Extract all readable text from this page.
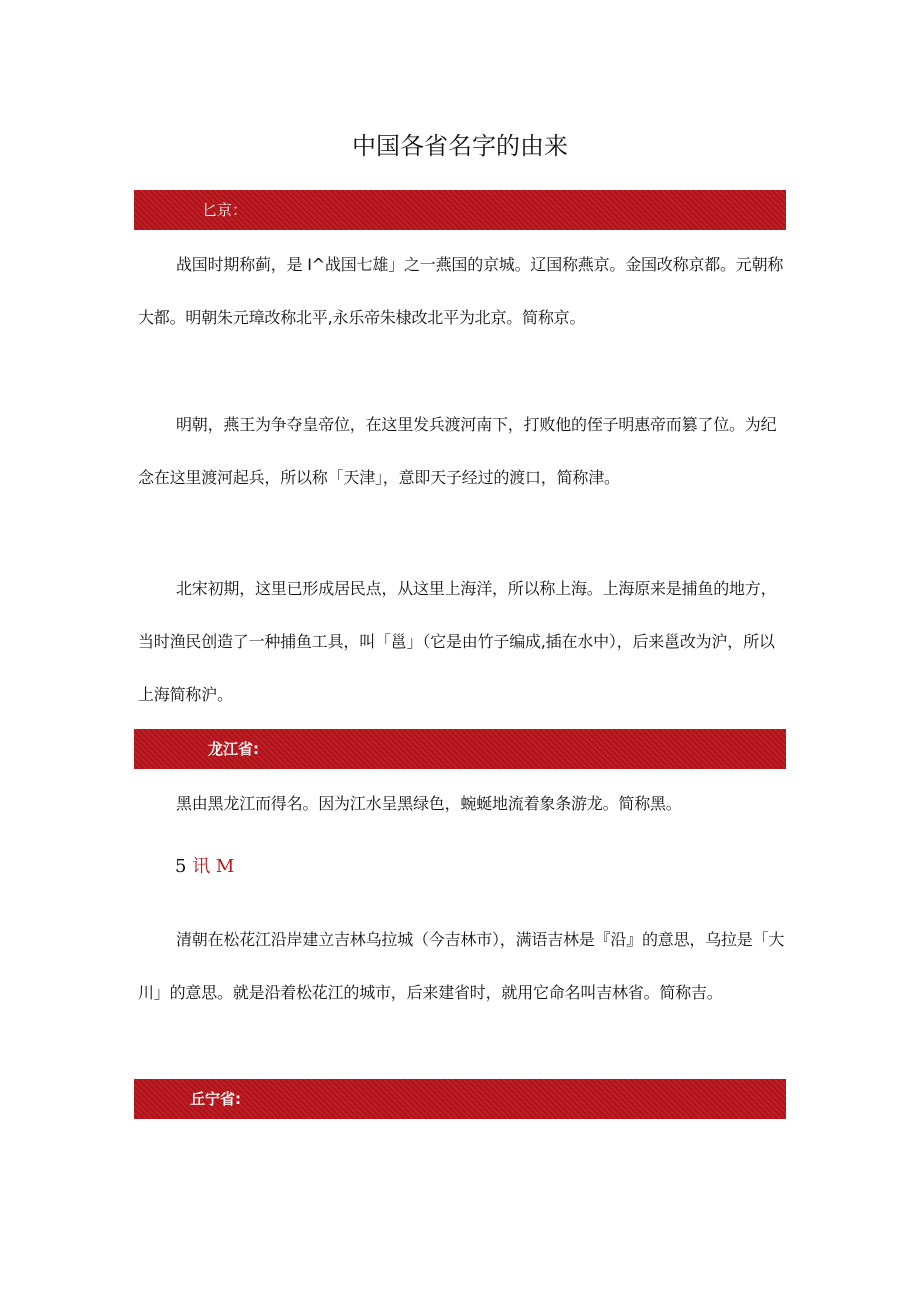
中国各省名字的由来
匕京：

战国时期称蓟，是 I^战国七雄」之一燕国的京城。辽国称燕京。金国改称京都。元朝称大都。明朝朱元璋改称北平,永乐帝朱棣改北平为北京。简称京。

明朝，燕王为争夺皇帝位，在这里发兵渡河南下，打败他的侄子明惠帝而篡了位。为纪念在这里渡河起兵，所以称「天津」，意即天子经过的渡口，简称津。

北宋初期，这里已形成居民点，从这里上海洋，所以称上海。上海原来是捕鱼的地方，当时渔民创造了一种捕鱼工具，叫「邕」（它是由竹子编成,插在水中），后来邕改为沪，所以上海简称沪。

龙江省:

黑由黑龙江而得名。因为江水呈黑绿色，蜿蜒地流着象条游龙。简称黑。

5 讯 M

清朝在松花江沿岸建立吉林乌拉城（今吉林市），满语吉林是『沿』的意思，乌拉是「大川」的意思。就是沿着松花江的城市，后来建省时，就用它命名叫吉林省。简称吉。

丘宁省:
